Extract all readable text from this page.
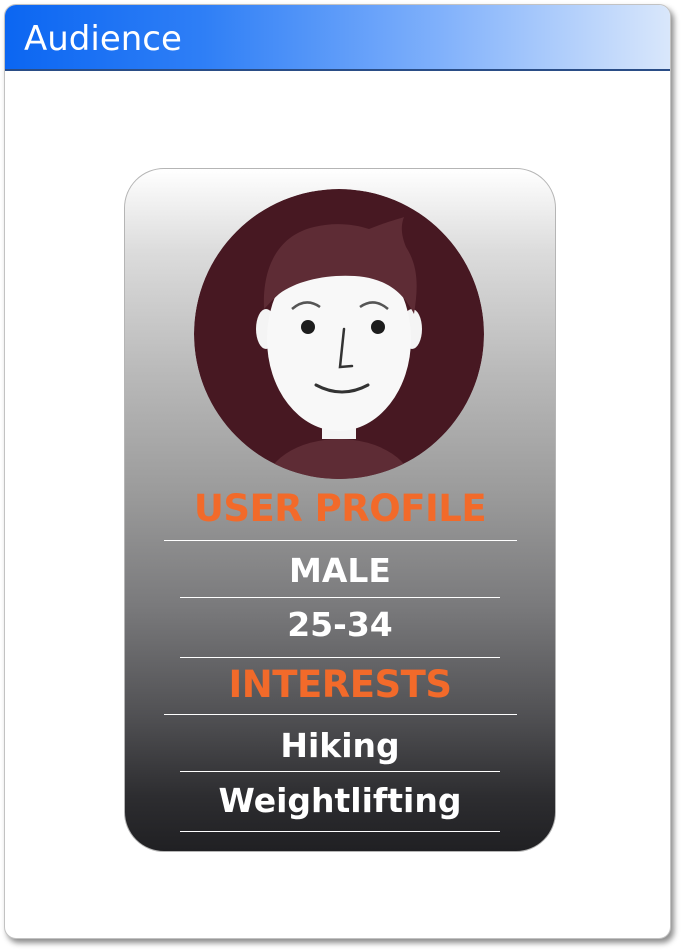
Audience
USER PROFILE
MALE
25-34
INTERESTS
Hiking
Weightlifting
